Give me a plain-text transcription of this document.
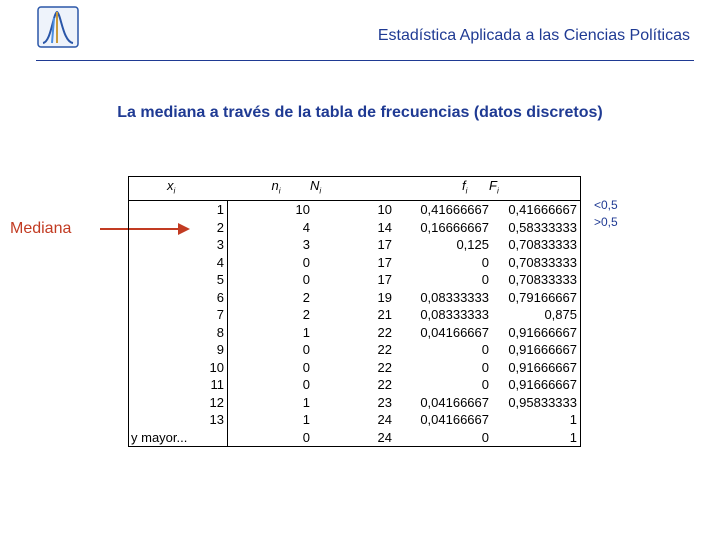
Estadística Aplicada a las Ciencias Políticas
La mediana a través de la tabla de frecuencias (datos discretos)
Mediana
<0,5
>0,5
$x_i$	$n_i$	$N_i$	$f_i$	$F_i$
1	10	10	0,41666667	0,41666667
2	4	14	0,16666667	0,58333333
3	3	17	0,125	0,70833333
4	0	17	0	0,70833333
5	0	17	0	0,70833333
6	2	19	0,08333333	0,79166667
7	2	21	0,08333333	0,875
8	1	22	0,04166667	0,91666667
9	0	22	0	0,91666667
10	0	22	0	0,91666667
11	0	22	0	0,91666667
12	1	23	0,04166667	0,95833333
13	1	24	0,04166667	1
y mayor...	0	24	0	1
